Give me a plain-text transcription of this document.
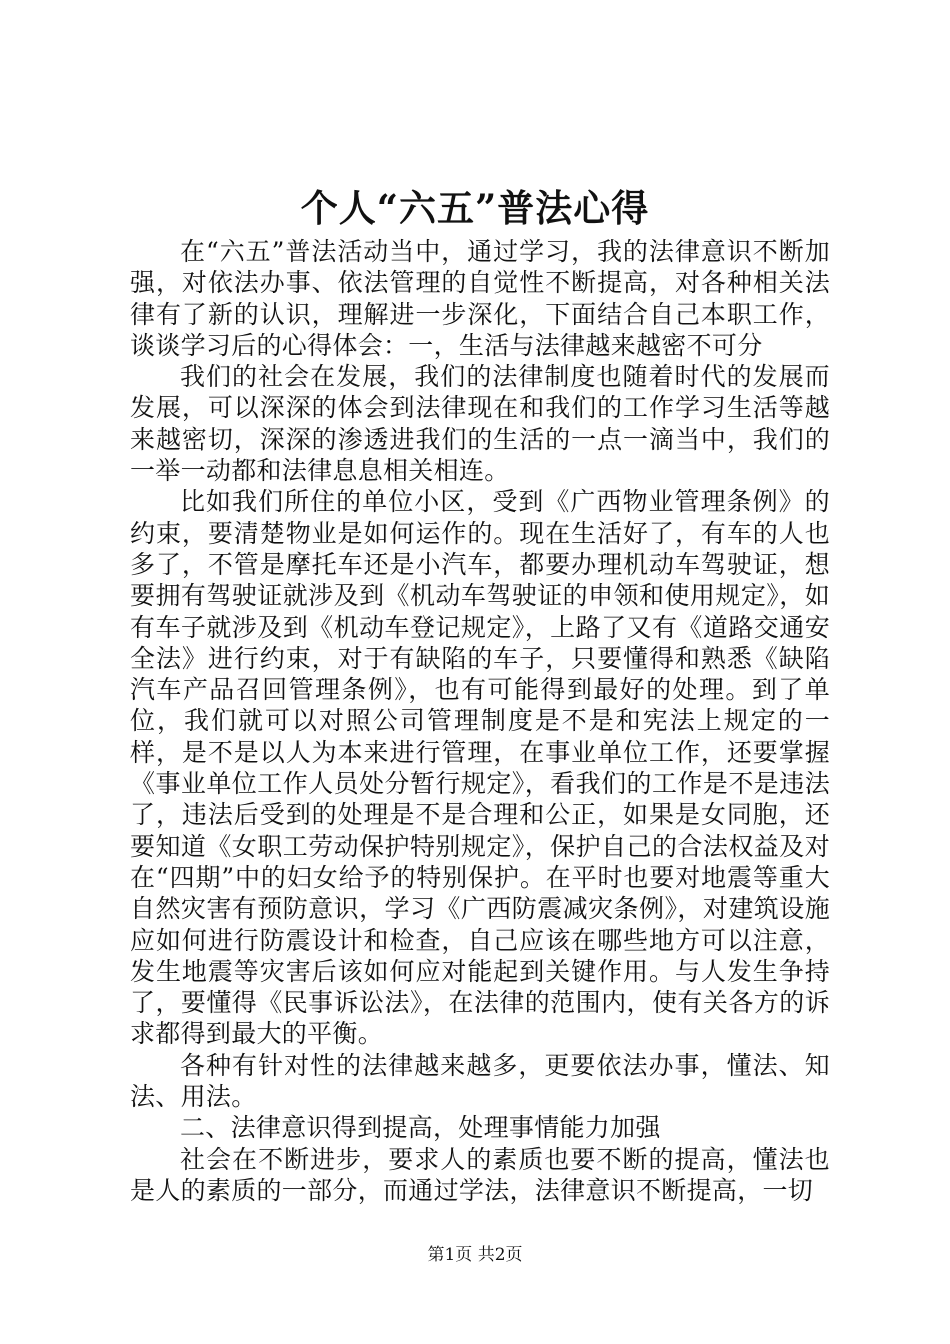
个人“六五”普法心得

在“六五”普法活动当中，通过学习，我的法律意识不断加强，对依法办事、依法管理的自觉性不断提高，对各种相关法律有了新的认识，理解进一步深化，下面结合自己本职工作，谈谈学习后的心得体会：一，生活与法律越来越密不可分

我们的社会在发展，我们的法律制度也随着时代的发展而发展，可以深深的体会到法律现在和我们的工作学习生活等越来越密切，深深的渗透进我们的生活的一点一滴当中，我们的一举一动都和法律息息相关相连。

比如我们所住的单位小区，受到《广西物业管理条例》的约束，要清楚物业是如何运作的。现在生活好了，有车的人也多了，不管是摩托车还是小汽车，都要办理机动车驾驶证，想要拥有驾驶证就涉及到《机动车驾驶证的申领和使用规定》，如有车子就涉及到《机动车登记规定》，上路了又有《道路交通安全法》进行约束，对于有缺陷的车子，只要懂得和熟悉《缺陷汽车产品召回管理条例》，也有可能得到最好的处理。到了单位，我们就可以对照公司管理制度是不是和宪法上规定的一样，是不是以人为本来进行管理，在事业单位工作，还要掌握《事业单位工作人员处分暂行规定》，看我们的工作是不是违法了，违法后受到的处理是不是合理和公正，如果是女同胞，还要知道《女职工劳动保护特别规定》，保护自己的合法权益及对在“四期”中的妇女给予的特别保护。在平时也要对地震等重大自然灾害有预防意识，学习《广西防震减灾条例》，对建筑设施应如何进行防震设计和检查，自己应该在哪些地方可以注意，发生地震等灾害后该如何应对能起到关键作用。与人发生争持了，要懂得《民事诉讼法》，在法律的范围内，使有关各方的诉求都得到最大的平衡。

各种有针对性的法律越来越多，更要依法办事，懂法、知法、用法。

二、法律意识得到提高，处理事情能力加强

社会在不断进步，要求人的素质也要不断的提高，懂法也是人的素质的一部分，而通过学法，法律意识不断提高，一切

第1页 共2页
